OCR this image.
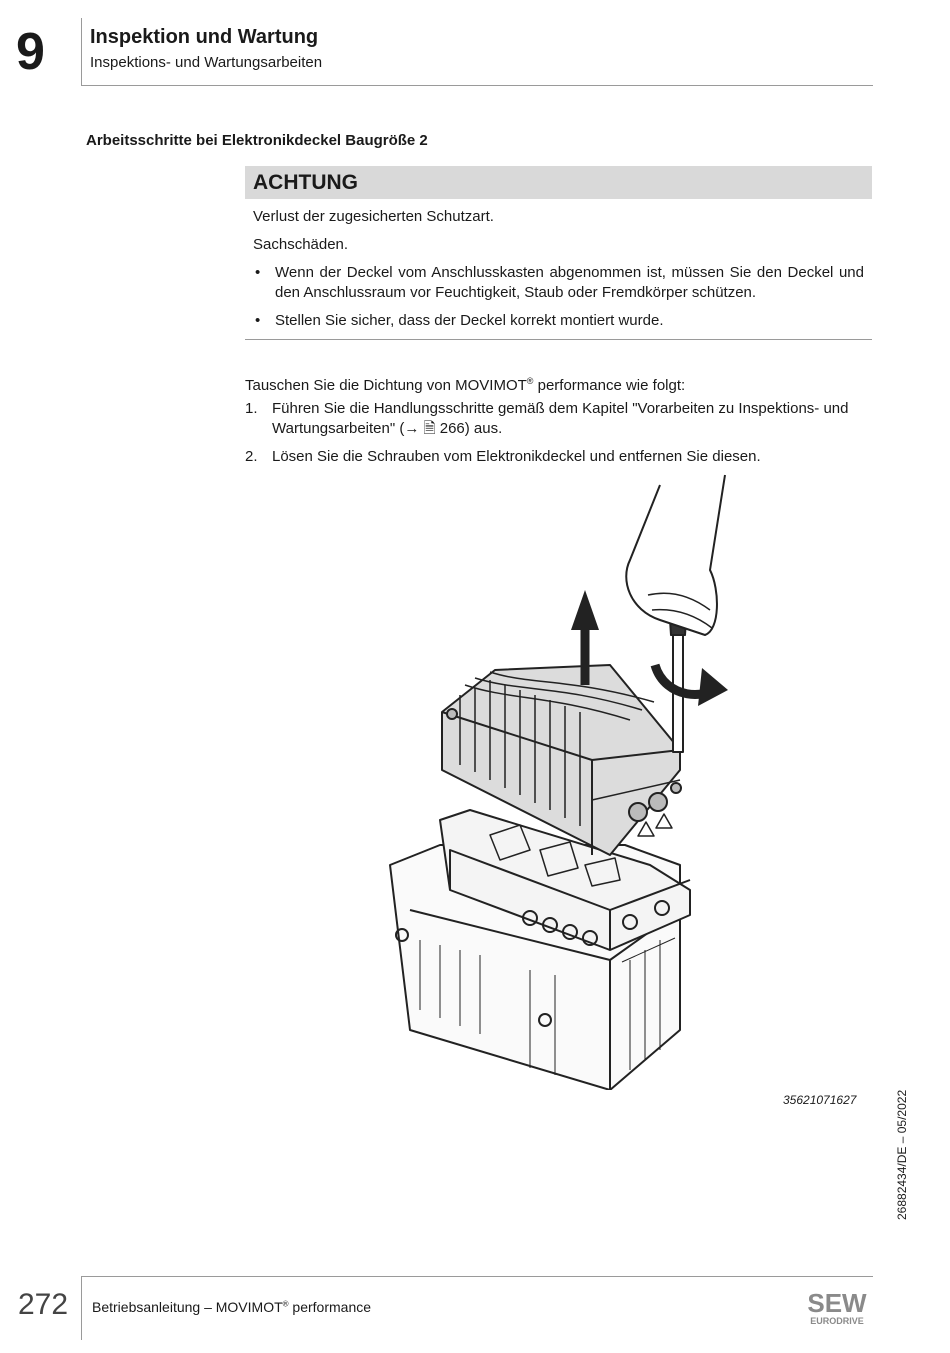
9 Inspektion und Wartung
Inspektions- und Wartungsarbeiten
Arbeitsschritte bei Elektronikdeckel Baugröße 2
ACHTUNG

Verlust der zugesicherten Schutzart.

Sachschäden.

• Wenn der Deckel vom Anschlusskasten abgenommen ist, müssen Sie den Deckel und den Anschlussraum vor Feuchtigkeit, Staub oder Fremdkörper schützen.
• Stellen Sie sicher, dass der Deckel korrekt montiert wurde.
Tauschen Sie die Dichtung von MOVIMOT® performance wie folgt:
1. Führen Sie die Handlungsschritte gemäß dem Kapitel "Vorarbeiten zu Inspektions- und Wartungsarbeiten" (→ 🗎 266) aus.
2. Lösen Sie die Schrauben vom Elektronikdeckel und entfernen Sie diesen.
35621071627	26882434/DE – 05/2022
272 Betriebsanleitung – MOVIMOT® performance	SEW
EURODRIVE
